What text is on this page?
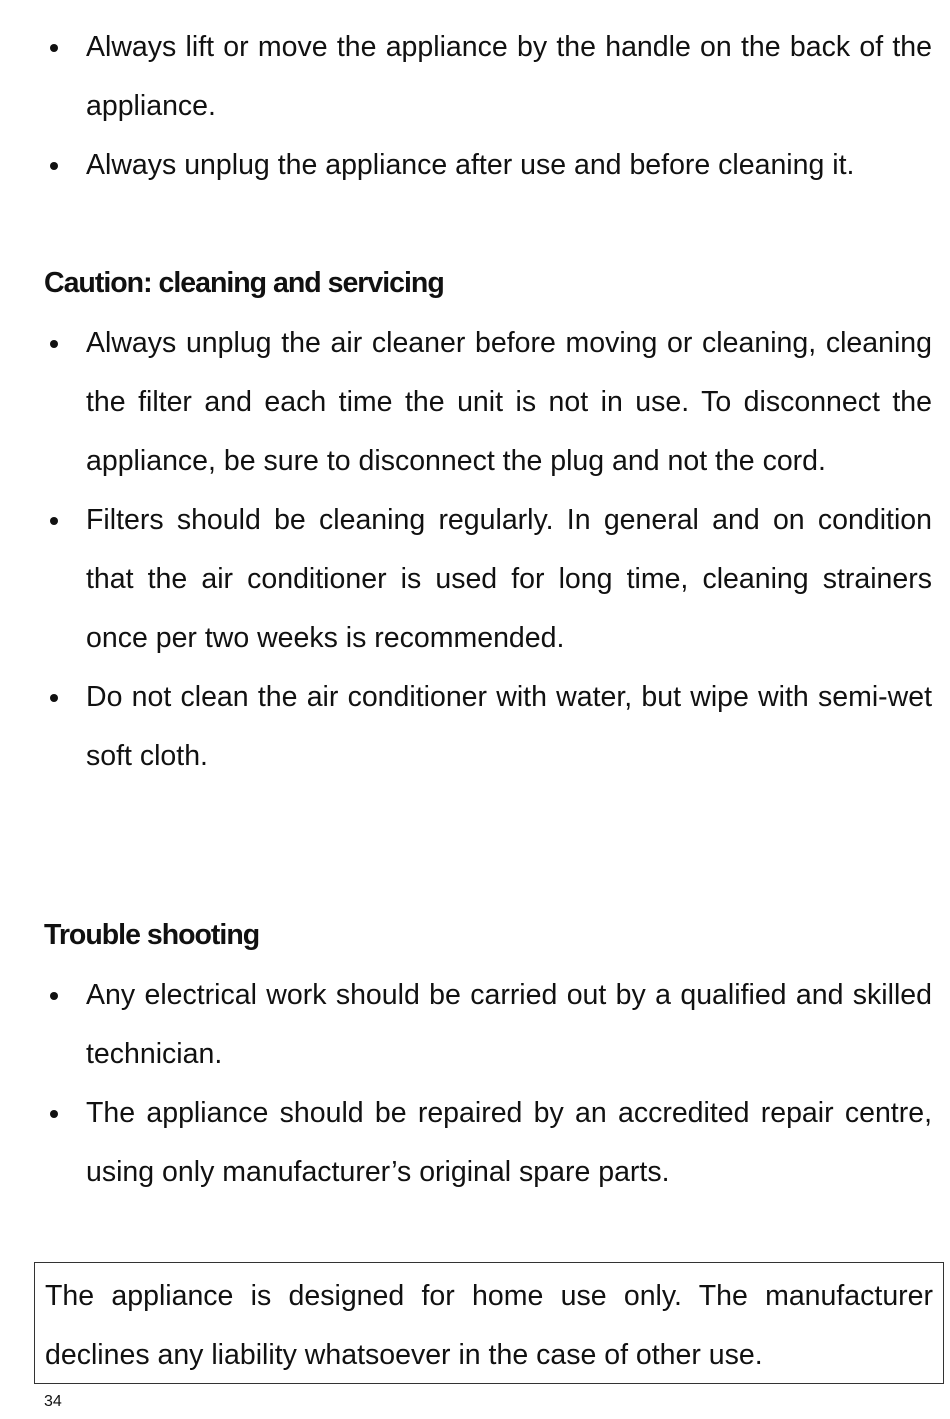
Always lift or move the appliance by the handle on the back of the appliance.
Always unplug the appliance after use and before cleaning it.
Caution: cleaning and servicing
Always unplug the air cleaner before moving or cleaning, cleaning the filter and each time the unit is not in use. To disconnect the appliance, be sure to disconnect the plug and not the cord.
Filters should be cleaning regularly. In general and on condition that the air conditioner is used for long time, cleaning strainers once per two weeks is recommended.
Do not clean the air conditioner with water, but wipe with semi-wet soft cloth.
Trouble shooting
Any electrical work should be carried out by a qualified and skilled technician.
The appliance should be repaired by an accredited repair centre, using only manufacturer’s original spare parts.

The appliance is designed for home use only. The manufacturer declines any liability whatsoever in the case of other use.

34
